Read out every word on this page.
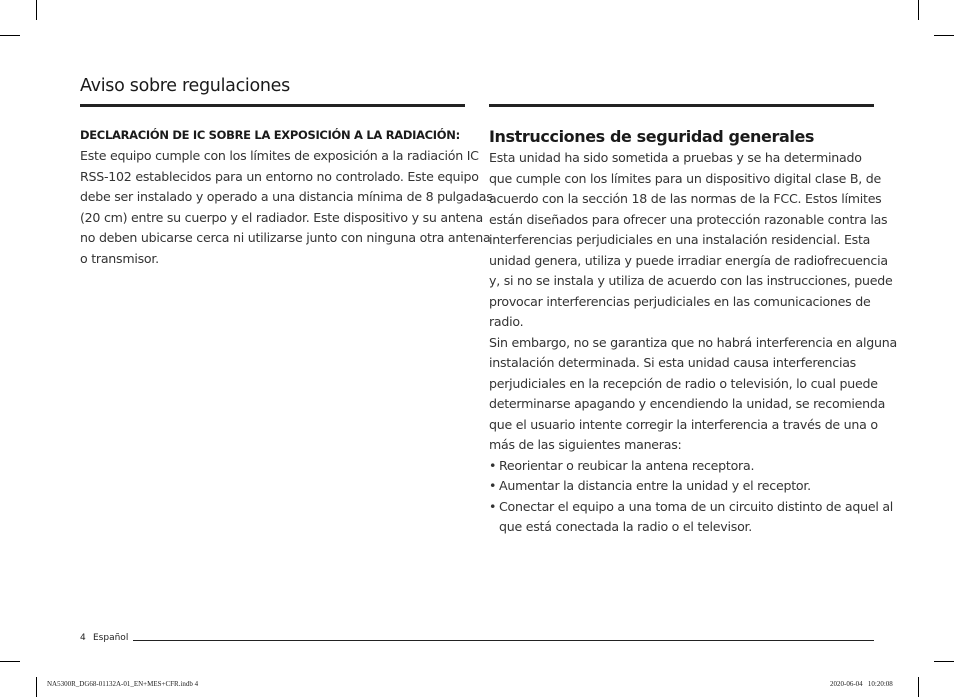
Aviso sobre regulaciones
DECLARACIÓN DE IC SOBRE LA EXPOSICIÓN A LA RADIACIÓN:
Este equipo cumple con los límites de exposición a la radiación IC
RSS-102 establecidos para un entorno no controlado. Este equipo
debe ser instalado y operado a una distancia mínima de 8 pulgadas
(20 cm) entre su cuerpo y el radiador. Este dispositivo y su antena
no deben ubicarse cerca ni utilizarse junto con ninguna otra antena
o transmisor.
Instrucciones de seguridad generales
Esta unidad ha sido sometida a pruebas y se ha determinado
que cumple con los límites para un dispositivo digital clase B, de
acuerdo con la sección 18 de las normas de la FCC. Estos límites
están diseñados para ofrecer una protección razonable contra las
interferencias perjudiciales en una instalación residencial. Esta
unidad genera, utiliza y puede irradiar energía de radiofrecuencia
y, si no se instala y utiliza de acuerdo con las instrucciones, puede
provocar interferencias perjudiciales en las comunicaciones de
radio.
Sin embargo, no se garantiza que no habrá interferencia en alguna
instalación determinada. Si esta unidad causa interferencias
perjudiciales en la recepción de radio o televisión, lo cual puede
determinarse apagando y encendiendo la unidad, se recomienda
que el usuario intente corregir la interferencia a través de una o
más de las siguientes maneras:
• Reorientar o reubicar la antena receptora.
• Aumentar la distancia entre la unidad y el receptor.
• Conectar el equipo a una toma de un circuito distinto de aquel al
que está conectada la radio o el televisor.
4 Español
NA5300R_DG68-01132A-01_EN+MES+CFR.indb 4	2020-06-04   10:20:08
